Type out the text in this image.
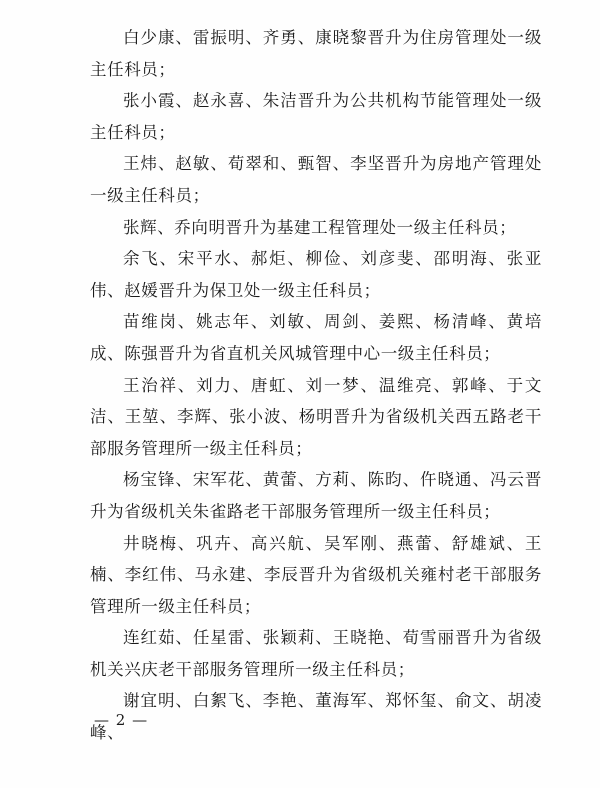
白少康、雷振明、齐勇、康晓黎晋升为住房管理处一级主任科员；

张小霞、赵永喜、朱洁晋升为公共机构节能管理处一级主任科员；

王炜、赵敏、荀翠和、甄智、李坚晋升为房地产管理处一级主任科员；

张辉、乔向明晋升为基建工程管理处一级主任科员；

余飞、宋平水、郝炬、柳俭、刘彦斐、邵明海、张亚伟、赵媛晋升为保卫处一级主任科员；

苗维岗、姚志年、刘敏、周剑、姜熙、杨清峰、黄培成、陈强晋升为省直机关风城管理中心一级主任科员；

王治祥、刘力、唐虹、刘一梦、温维亮、郭峰、于文洁、王堃、李辉、张小波、杨明晋升为省级机关西五路老干部服务管理所一级主任科员；

杨宝锋、宋军花、黄蕾、方莉、陈昀、仵晓通、冯云晋升为省级机关朱雀路老干部服务管理所一级主任科员；

井晓梅、巩卉、高兴航、吴军刚、燕蕾、舒雄斌、王楠、李红伟、马永建、李辰晋升为省级机关雍村老干部服务管理所一级主任科员；

连红茹、任星雷、张颖莉、王晓艳、荀雪丽晋升为省级机关兴庆老干部服务管理所一级主任科员；

谢宜明、白絮飞、李艳、董海军、郑怀玺、俞文、胡凌峰、

— 2 —
